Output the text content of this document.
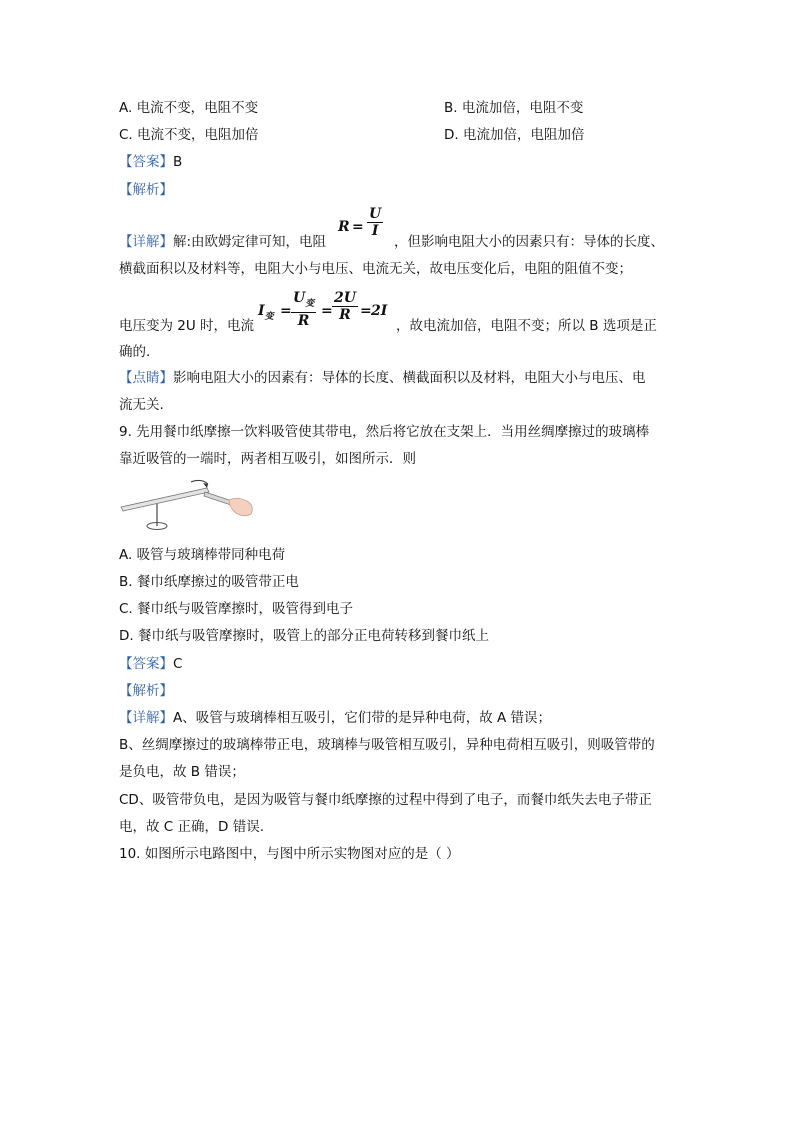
A. 电流不变，电阻不变	B. 电流加倍，电阻不变
C. 电流不变，电阻加倍	D. 电流加倍，电阻加倍
【答案】B
【解析】
【详解】解:由欧姆定律可知，电阻
$R = \frac{U}{I}$
，但影响电阻大小的因素只有：导体的长度、
横截面积以及材料等，电阻大小与电压、电流无关，故电压变化后，电阻的阻值不变；
电压变为 2U 时，电流
$I_变 = \frac{U_变}{R} = \frac{2U}{R} = 2I$
，故电流加倍，电阻不变；所以 B 选项是正
确的.
【点睛】影响电阻大小的因素有：导体的长度、横截面积以及材料，电阻大小与电压、电
流无关.
9. 先用餐巾纸摩擦一饮料吸管使其带电，然后将它放在支架上．当用丝绸摩擦过的玻璃棒
靠近吸管的一端时，两者相互吸引，如图所示．则
A. 吸管与玻璃棒带同种电荷
B. 餐巾纸摩擦过的吸管带正电
C. 餐巾纸与吸管摩擦时，吸管得到电子
D. 餐巾纸与吸管摩擦时，吸管上的部分正电荷转移到餐巾纸上
【答案】C
【解析】
【详解】A、吸管与玻璃棒相互吸引，它们带的是异种电荷，故 A 错误；
B、丝绸摩擦过的玻璃棒带正电，玻璃棒与吸管相互吸引，异种电荷相互吸引，则吸管带的
是负电，故 B 错误；
CD、吸管带负电，是因为吸管与餐巾纸摩擦的过程中得到了电子，而餐巾纸失去电子带正
电，故 C 正确，D 错误.
10. 如图所示电路图中，与图中所示实物图对应的是（ ）
